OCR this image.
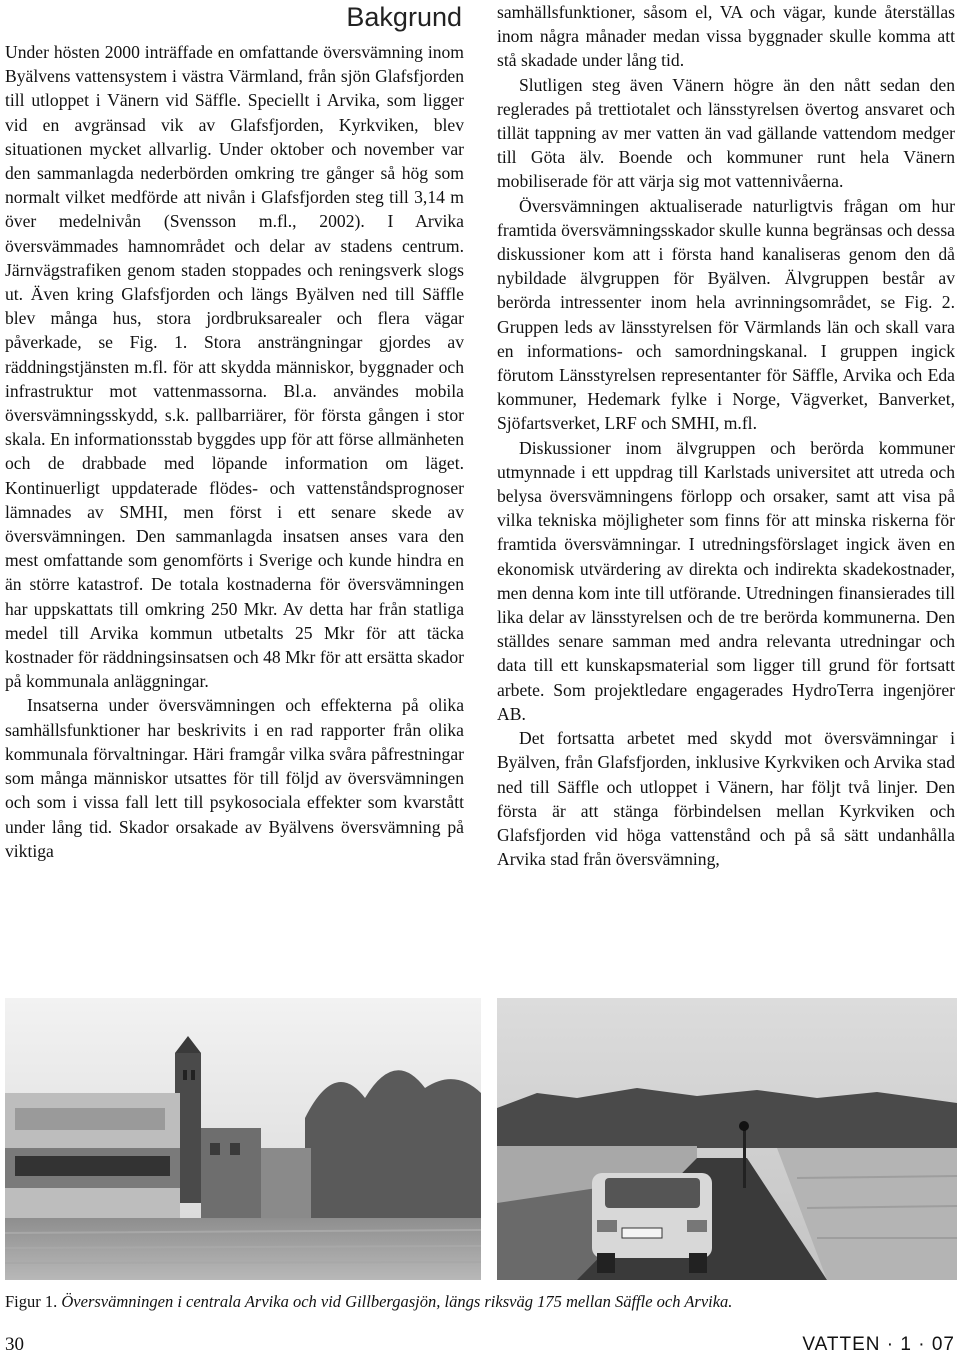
Bakgrund

Under hösten 2000 inträffade en omfattande översvämning inom Byälvens vattensystem i västra Värmland, från sjön Glafsfjorden till utloppet i Vänern vid Säffle. Speciellt i Arvika, som ligger vid en avgränsad vik av Glafsfjorden, Kyrkviken, blev situationen mycket allvarlig. Under oktober och november var den sammanlagda nederbörden omkring tre gånger så hög som normalt vilket medförde att nivån i Glafsfjorden steg till 3,14 m över medelnivån (Svensson m.fl., 2002). I Arvika översvämmades hamnområdet och delar av stadens centrum. Järnvägstrafiken genom staden stoppades och reningsverk slogs ut. Även kring Glafsfjorden och längs Byälven ned till Säffle blev många hus, stora jordbruksarealer och flera vägar påverkade, se Fig. 1. Stora ansträngningar gjordes av räddningstjänsten m.fl. för att skydda människor, byggnader och infrastruktur mot vattenmassorna. Bl.a. användes mobila översvämningsskydd, s.k. pallbarriärer, för första gången i stor skala. En informationsstab byggdes upp för att förse allmänheten och de drabbade med löpande information om läget. Kontinuerligt uppdaterade flödes- och vattenståndsprognoser lämnades av SMHI, men först i ett senare skede av översvämningen. Den sammanlagda insatsen anses vara den mest omfattande som genomförts i Sverige och kunde hindra en än större katastrof. De totala kostnaderna för översvämningen har uppskattats till omkring 250 Mkr. Av detta har från statliga medel till Arvika kommun utbetalts 25 Mkr för att täcka kostnader för räddningsinsatsen och 48 Mkr för att ersätta skador på kommunala anläggningar.

Insatserna under översvämningen och effekterna på olika samhällsfunktioner har beskrivits i en rad rapporter från olika kommunala förvaltningar. Häri framgår vilka svåra påfrestningar som många människor utsattes för till följd av översvämningen och som i vissa fall lett till psykosociala effekter som kvarstått under lång tid. Skador orsakade av Byälvens översvämning på viktiga

samhällsfunktioner, såsom el, VA och vägar, kunde återställas inom några månader medan vissa byggnader skulle komma att stå skadade under lång tid.

Slutligen steg även Vänern högre än den nått sedan den reglerades på trettiotalet och länsstyrelsen övertog ansvaret och tillät tappning av mer vatten än vad gällande vattendom medger till Göta älv. Boende och kommuner runt hela Vänern mobiliserade för att värja sig mot vattennivåerna.

Översvämningen aktualiserade naturligtvis frågan om hur framtida översvämningsskador skulle kunna begränsas och dessa diskussioner kom att i första hand kanaliseras genom den då nybildade älvgruppen för Byälven. Älvgruppen består av berörda intressenter inom hela avrinningsområdet, se Fig. 2. Gruppen leds av länsstyrelsen för Värmlands län och skall vara en informations- och samordningskanal. I gruppen ingick förutom Länsstyrelsen representanter för Säffle, Arvika och Eda kommuner, Hedemark fylke i Norge, Vägverket, Banverket, Sjöfartsverket, LRF och SMHI, m.fl.

Diskussioner inom älvgruppen och berörda kommuner utmynnade i ett uppdrag till Karlstads universitet att utreda och belysa översvämningens förlopp och orsaker, samt att visa på vilka tekniska möjligheter som finns för att minska riskerna för framtida översvämningar. I utredningsförslaget ingick även en ekonomisk utvärdering av direkta och indirekta skadekostnader, men denna kom inte till utförande. Utredningen finansierades till lika delar av länsstyrelsen och de tre berörda kommunerna. Den ställdes senare samman med andra relevanta utredningar och data till ett kunskapsmaterial som ligger till grund för fortsatt arbete. Som projektledare engagerades HydroTerra ingenjörer AB.

Det fortsatta arbetet med skydd mot översvämningar i Byälven, från Glafsfjorden, inklusive Kyrkviken och Arvika stad ned till Säffle och utloppet i Vänern, har följt två linjer. Den första är att stänga förbindelsen mellan Kyrkviken och Glafsfjorden vid höga vattenstånd och på så sätt undanhålla Arvika stad från översvämning,

Figur 1. Översvämningen i centrala Arvika och vid Gillbergasjön, längs riksväg 175 mellan Säffle och Arvika.
30	VATTEN · 1 · 07
